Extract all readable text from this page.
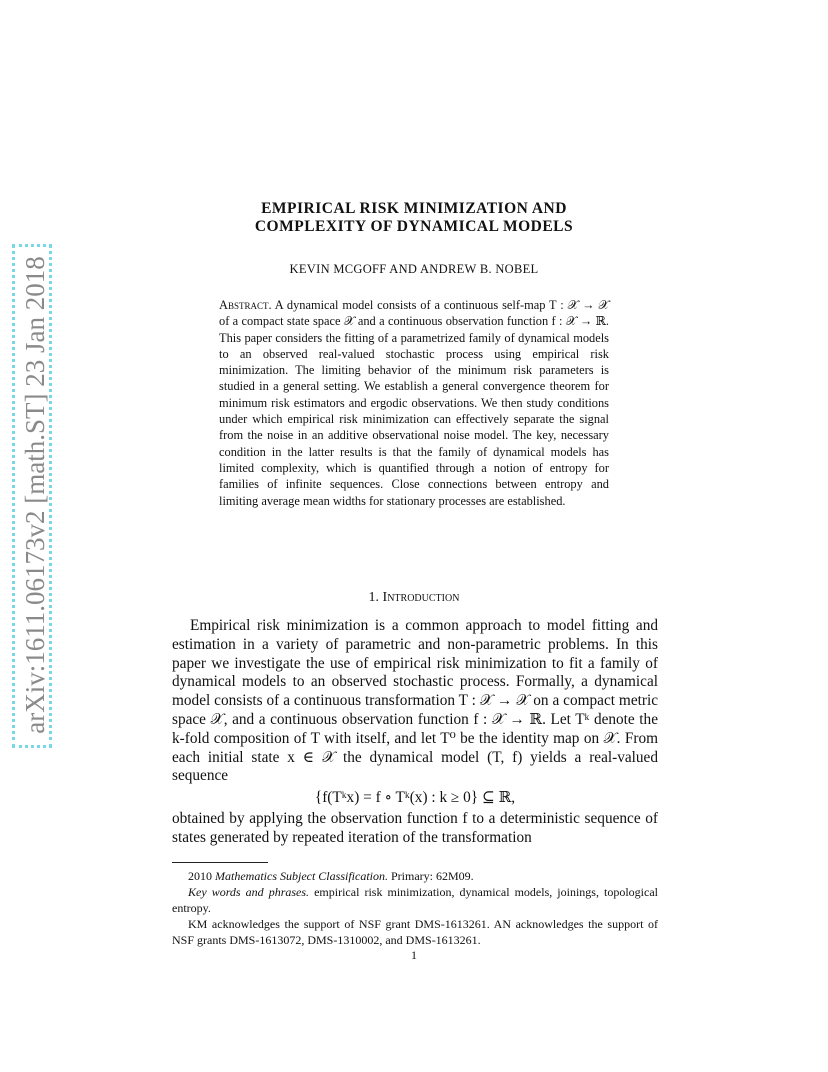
arXiv:1611.06173v2 [math.ST] 23 Jan 2018
EMPIRICAL RISK MINIMIZATION AND
COMPLEXITY OF DYNAMICAL MODELS
KEVIN MCGOFF AND ANDREW B. NOBEL
Abstract. A dynamical model consists of a continuous self-map T : 𝒳 → 𝒳 of a compact state space 𝒳 and a continuous observation function f : 𝒳 → ℝ. This paper considers the fitting of a parametrized family of dynamical models to an observed real-valued stochastic process using empirical risk minimization. The limiting behavior of the minimum risk parameters is studied in a general setting. We establish a general convergence theorem for minimum risk estimators and ergodic observations. We then study conditions under which empirical risk minimization can effectively separate the signal from the noise in an additive observational noise model. The key, necessary condition in the latter results is that the family of dynamical models has limited complexity, which is quantified through a notion of entropy for families of infinite sequences. Close connections between entropy and limiting average mean widths for stationary processes are established.
1. Introduction

Empirical risk minimization is a common approach to model fitting and estimation in a variety of parametric and non-parametric problems. In this paper we investigate the use of empirical risk minimization to fit a family of dynamical models to an observed stochastic process. Formally, a dynamical model consists of a continuous transformation T : 𝒳 → 𝒳 on a compact metric space 𝒳, and a continuous observation function f : 𝒳 → ℝ. Let Tᵏ denote the k-fold composition of T with itself, and let T⁰ be the identity map on 𝒳. From each initial state x ∈ 𝒳 the dynamical model (T, f) yields a real-valued sequence

{f(Tᵏx) = f ∘ Tᵏ(x) : k ≥ 0} ⊆ ℝ,

obtained by applying the observation function f to a deterministic sequence of states generated by repeated iteration of the transformation

2010 Mathematics Subject Classification. Primary: 62M09.

Key words and phrases. empirical risk minimization, dynamical models, joinings, topological entropy.

KM acknowledges the support of NSF grant DMS-1613261. AN acknowledges the support of NSF grants DMS-1613072, DMS-1310002, and DMS-1613261.

1
